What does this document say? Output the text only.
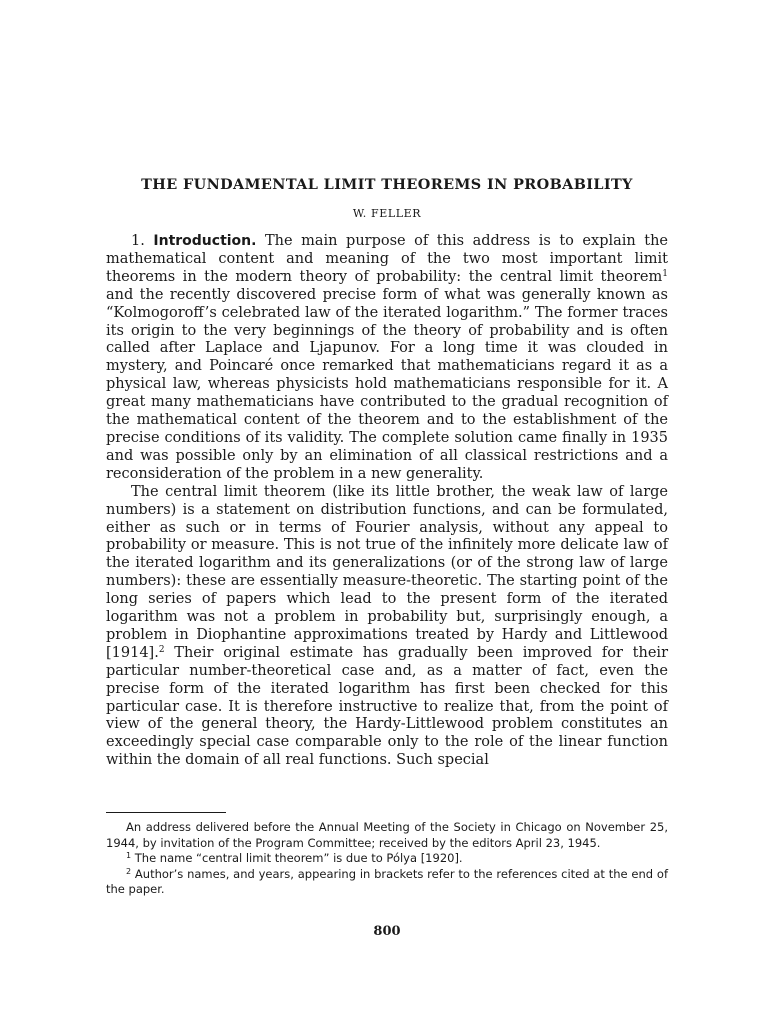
THE FUNDAMENTAL LIMIT THEOREMS IN PROBABILITY
W. FELLER

1. Introduction. The main purpose of this address is to explain the mathematical content and meaning of the two most important limit theorems in the modern theory of probability: the central limit theorem$^1$ and the recently discovered precise form of what was generally known as “Kolmogoroff’s celebrated law of the iterated logarithm.” The former traces its origin to the very beginnings of the theory of probability and is often called after Laplace and Ljapunov. For a long time it was clouded in mystery, and Poincaré once remarked that mathematicians regard it as a physical law, whereas physicists hold mathematicians responsible for it. A great many mathematicians have contributed to the gradual recognition of the mathematical content of the theorem and to the establishment of the precise conditions of its validity. The complete solution came finally in 1935 and was possible only by an elimination of all classical restrictions and a reconsideration of the problem in a new generality.

The central limit theorem (like its little brother, the weak law of large numbers) is a statement on distribution functions, and can be formulated, either as such or in terms of Fourier analysis, without any appeal to probability or measure. This is not true of the infinitely more delicate law of the iterated logarithm and its generalizations (or of the strong law of large numbers): these are essentially measure-theoretic. The starting point of the long series of papers which lead to the present form of the iterated logarithm was not a problem in probability but, surprisingly enough, a problem in Diophantine approximations treated by Hardy and Littlewood [1914].$^2$ Their original estimate has gradually been improved for their particular number-theoretical case and, as a matter of fact, even the precise form of the iterated logarithm has first been checked for this particular case. It is therefore instructive to realize that, from the point of view of the general theory, the Hardy-Littlewood problem constitutes an exceedingly special case comparable only to the role of the linear function within the domain of all real functions. Such special

An address delivered before the Annual Meeting of the Society in Chicago on November 25, 1944, by invitation of the Program Committee; received by the editors April 23, 1945.

$^1$ The name “central limit theorem” is due to Pólya [1920].

$^2$ Author’s names, and years, appearing in brackets refer to the references cited at the end of the paper.

800
